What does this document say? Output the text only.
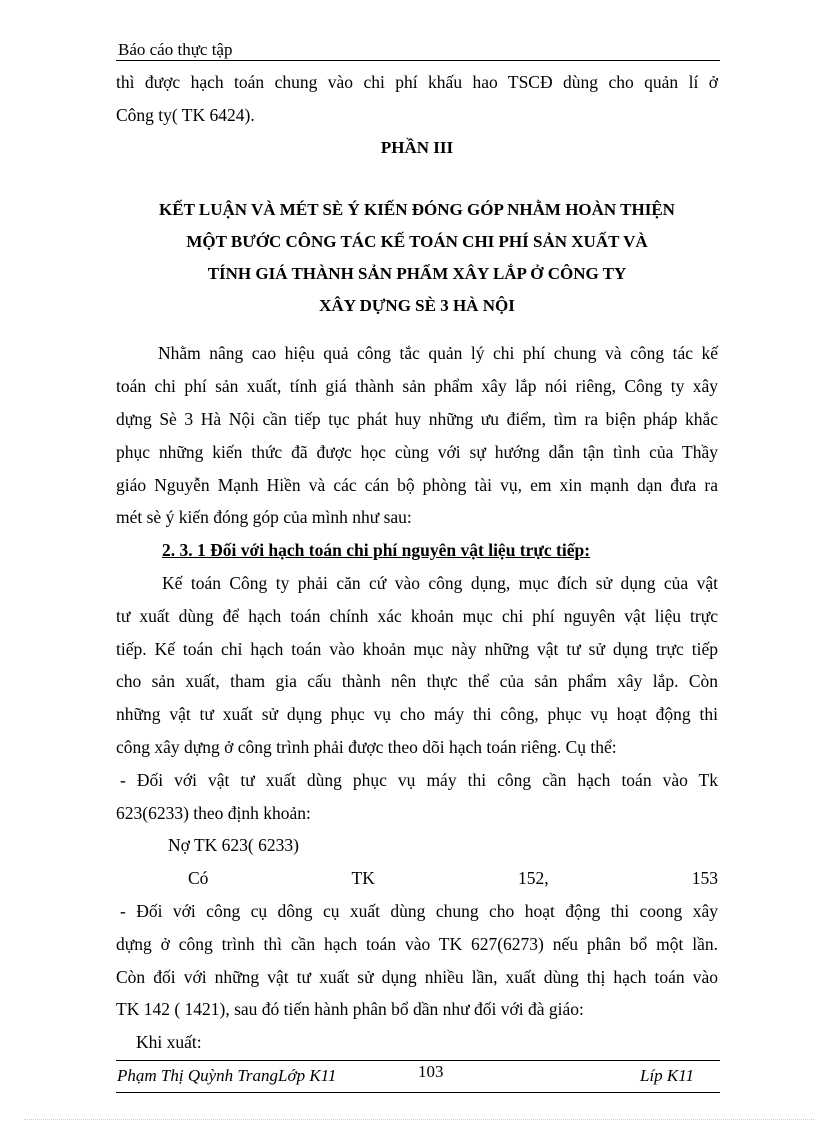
Báo cáo thực tập

thì được hạch toán chung vào chi phí khấu hao TSCĐ dùng cho quản lí ở

Công ty( TK 6424).

PHẦN III

KẾT LUẬN VÀ MÉT SÈ Ý KIẾN ĐÓNG GÓP NHẰM HOÀN THIỆN

MỘT BƯỚC CÔNG TÁC KẾ TOÁN CHI PHÍ SẢN XUẤT VÀ

TÍNH GIÁ THÀNH SẢN PHẨM XÂY LẮP Ở CÔNG TY

XÂY DỰNG SÈ 3 HÀ NỘI

Nhằm nâng cao hiệu quả công tắc quản lý chi phí chung và công tác kế

toán chi phí sản xuất, tính giá thành sản phẩm xây lắp nói riêng, Công ty xây

dựng Sè 3 Hà Nội cần tiếp tục phát huy những ưu điểm, tìm ra biện pháp khắc

phục những kiến thức đã được học cùng với sự hướng dẫn tận tình của Thầy

giáo Nguyễn Mạnh Hiền và các cán bộ phòng tài vụ, em xin mạnh dạn đưa ra

mét sè ý kiến đóng góp của mình như sau:

2. 3. 1 Đối với hạch toán chi phí nguyên vật liệu trực tiếp:

Kế toán Công ty phải căn cứ vào công dụng, mục đích sử dụng của vật

tư xuất dùng để hạch toán chính xác khoản mục chi phí nguyên vật liệu trực

tiếp. Kế toán chỉ hạch toán vào khoản mục này những vật tư sử dụng trực tiếp

cho sản xuất, tham gia cấu thành nên thực thể của sản phẩm xây lắp. Còn

những vật tư xuất sử dụng phục vụ cho máy thi công, phục vụ hoạt động thi

công xây dựng ở công trình phải được theo dõi hạch toán riêng. Cụ thể:

- Đối với vật tư xuất dùng phục vụ máy thi công cần hạch toán vào Tk

623(6233) theo định khoản:

Nợ TK 623( 6233)

Có	TK	152,	153

- Đối với công cụ dông cụ xuất dùng chung cho hoạt động thi coong xây

dựng ở công trình thì cần hạch toán vào TK 627(6273) nếu phân bổ một lần.

Còn đối với những vật tư xuất sử dụng nhiều lần, xuất dùng thị hạch toán vào

TK 142 ( 1421), sau đó tiến hành phân bổ dần như đối với đà giáo:

Khi xuất:

Phạm Thị Quỳnh TrangLớp K11	103	Líp K11
